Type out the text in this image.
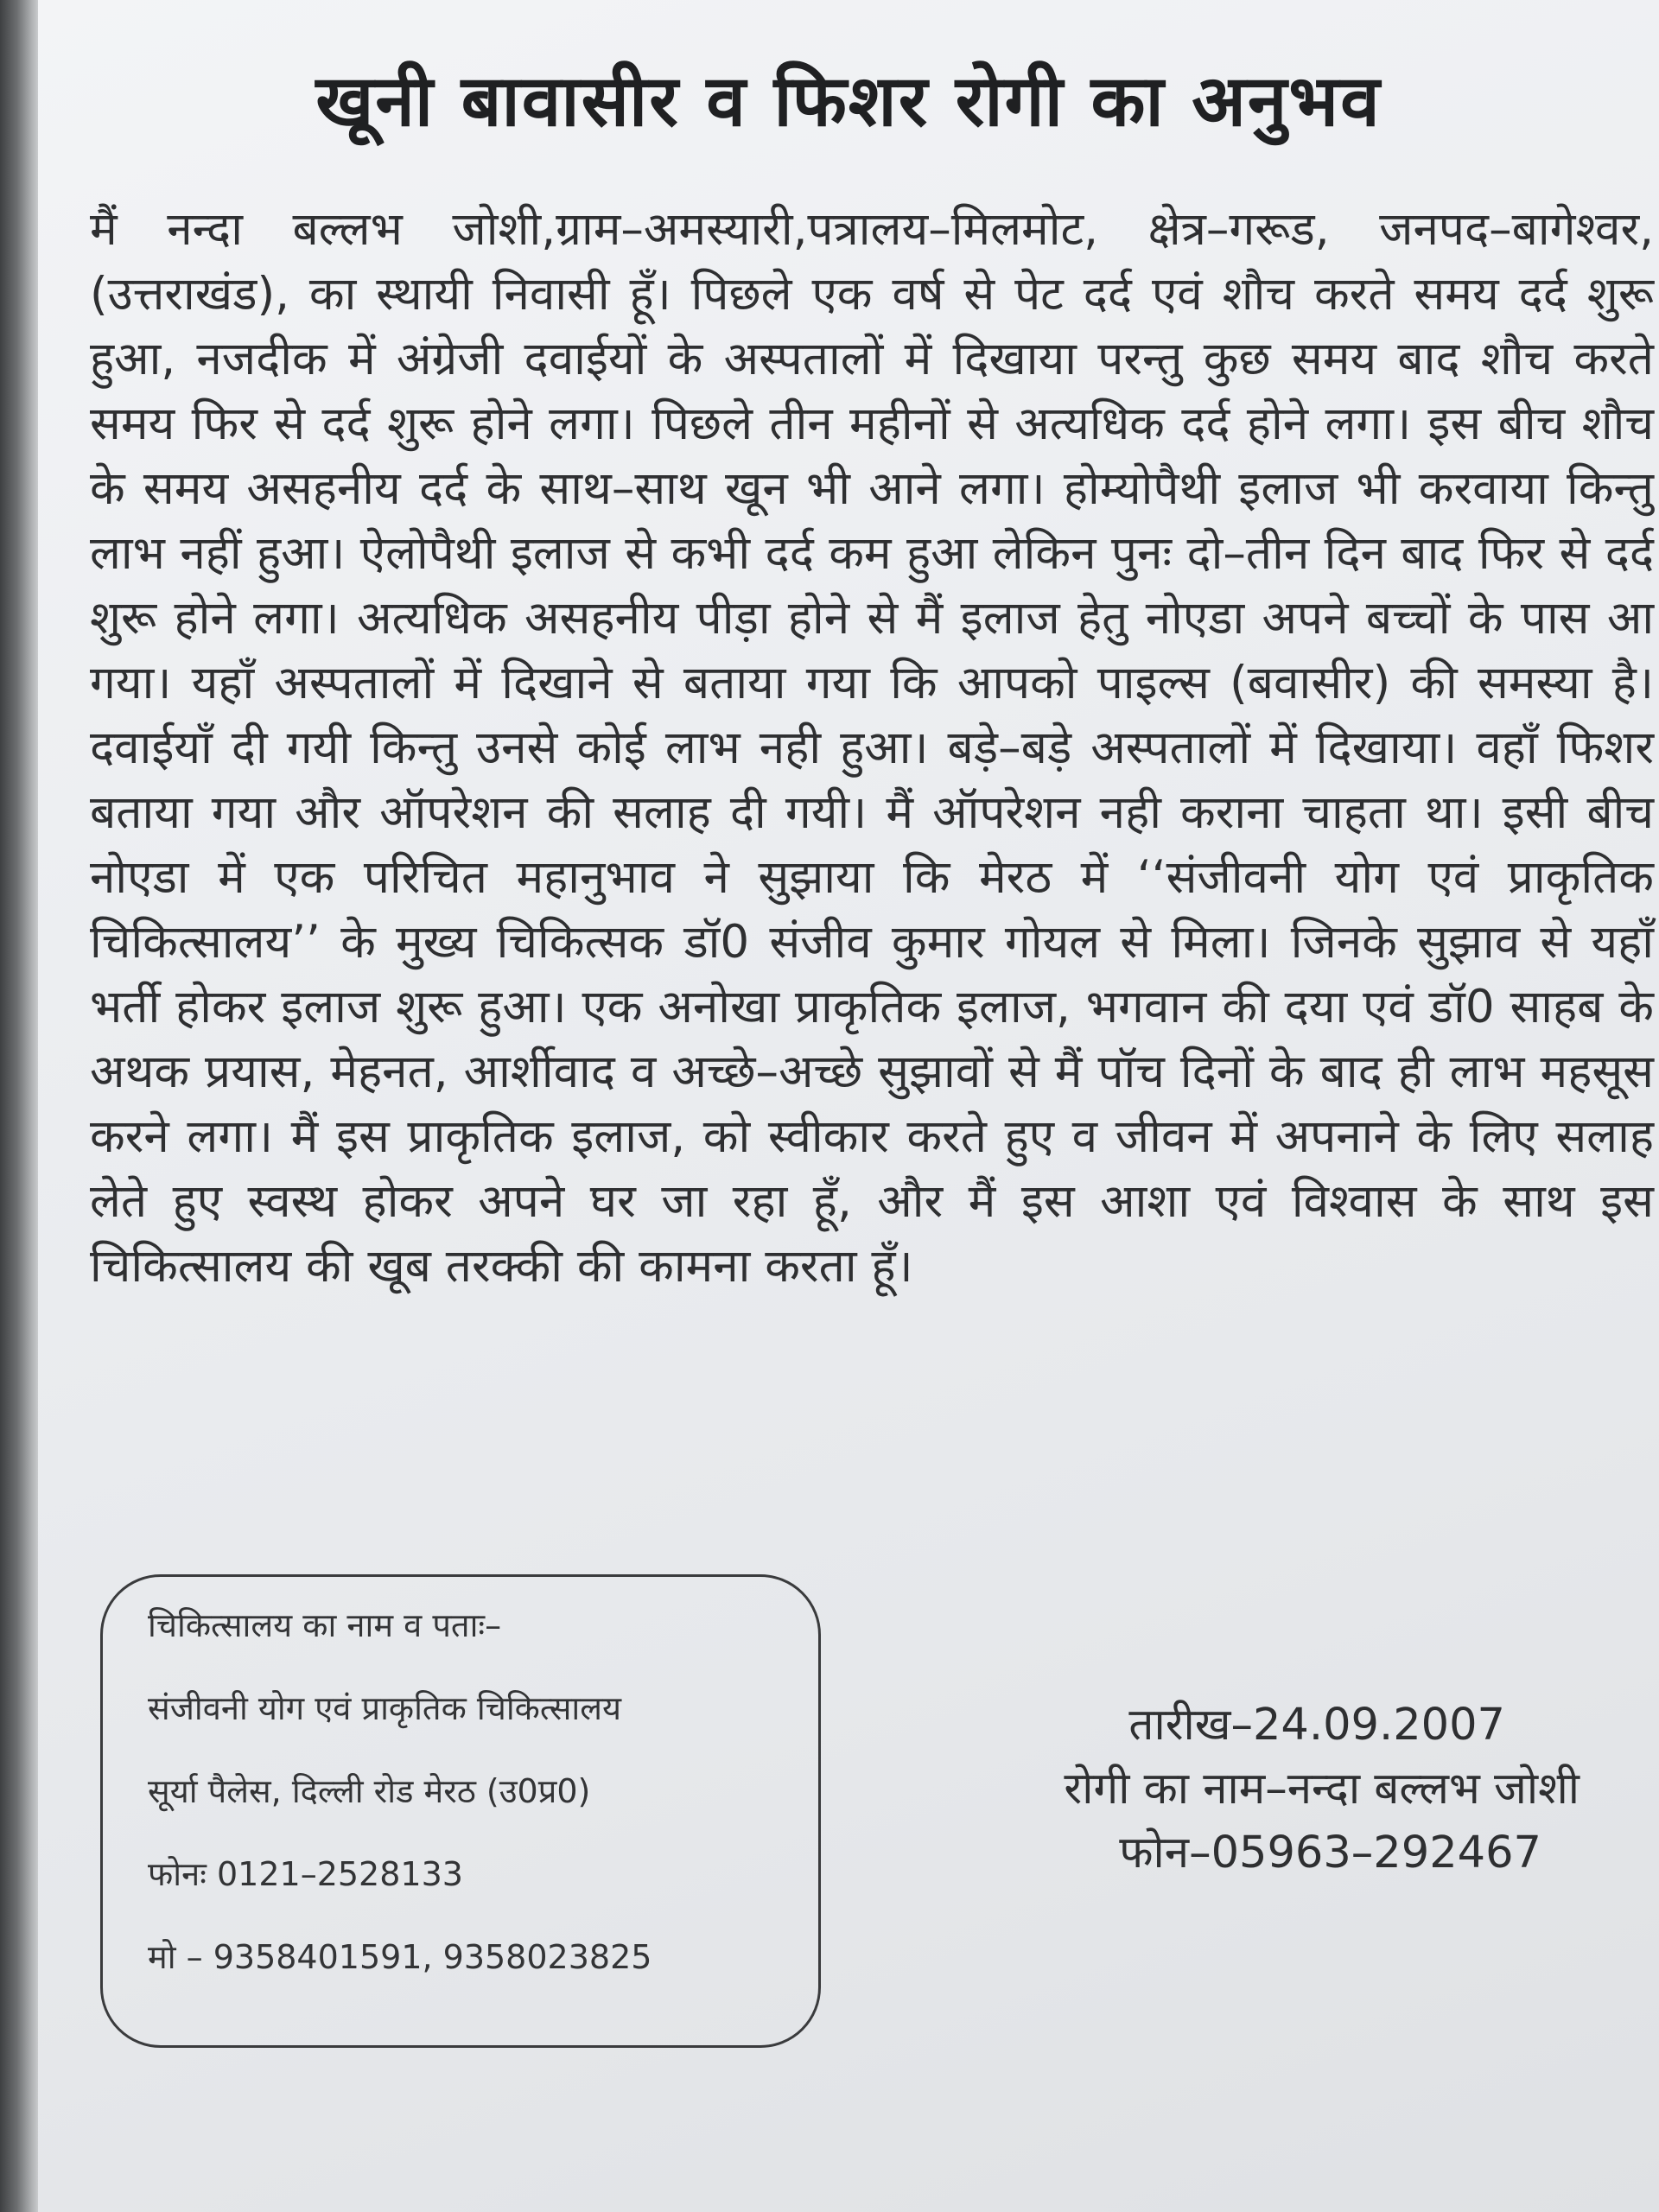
खूनी बावासीर व फिशर रोगी का अनुभव
मैं नन्दा बल्लभ जोशी,ग्राम–अमस्यारी,पत्रालय–मिलमोट, क्षेत्र–गरूड, जनपद–बागेश्वर, (उत्तराखंड), का स्थायी निवासी हूँ। पिछले एक वर्ष से पेट दर्द एवं शौच करते समय दर्द शुरू हुआ, नजदीक में अंग्रेजी दवाईयों के अस्पतालों में दिखाया परन्तु कुछ समय बाद शौच करते समय फिर से दर्द शुरू होने लगा। पिछले तीन महीनों से अत्यधिक दर्द होने लगा। इस बीच शौच के समय असहनीय दर्द के साथ–साथ खून भी आने लगा। होम्योपैथी इलाज भी करवाया किन्तु लाभ नहीं हुआ। ऐलोपैथी इलाज से कभी दर्द कम हुआ लेकिन पुनः दो–तीन दिन बाद फिर से दर्द शुरू होने लगा। अत्यधिक असहनीय पीड़ा होने से मैं इलाज हेतु नोएडा अपने बच्चों के पास आ गया। यहाँ अस्पतालों में दिखाने से बताया गया कि आपको पाइल्स (बवासीर) की समस्या है। दवाईयाँ दी गयी किन्तु उनसे कोई लाभ नही हुआ। बड़े–बड़े अस्पतालों में दिखाया। वहाँ फिशर बताया गया और ऑपरेशन की सलाह दी गयी। मैं ऑपरेशन नही कराना चाहता था। इसी बीच नोएडा में एक परिचित महानुभाव ने सुझाया कि मेरठ में ‘‘संजीवनी योग एवं प्राकृतिक चिकित्सालय’’ के मुख्य चिकित्सक डॉ0 संजीव कुमार गोयल से मिला। जिनके सुझाव से यहाँ भर्ती होकर इलाज शुरू हुआ। एक अनोखा प्राकृतिक इलाज, भगवान की दया एवं डॉ0 साहब के अथक प्रयास, मेहनत, आर्शीवाद व अच्छे–अच्छे सुझावों से मैं पॉच दिनों के बाद ही लाभ महसूस करने लगा। मैं इस प्राकृतिक इलाज, को स्वीकार करते हुए व जीवन में अपनाने के लिए सलाह लेते हुए स्वस्थ होकर अपने घर जा रहा हूँ, और मैं इस आशा एवं विश्वास के साथ इस चिकित्सालय की खूब तरक्की की कामना करता हूँ।
चिकित्सालय का नाम व पताः–
संजीवनी योग एवं प्राकृतिक चिकित्सालय
सूर्या पैलेस, दिल्ली रोड मेरठ (उ0प्र0)
फोनः 0121–2528133
मो – 9358401591, 9358023825
तारीख–24.09.2007
रोगी का नाम–नन्दा बल्लभ जोशी
फोन–05963–292467
